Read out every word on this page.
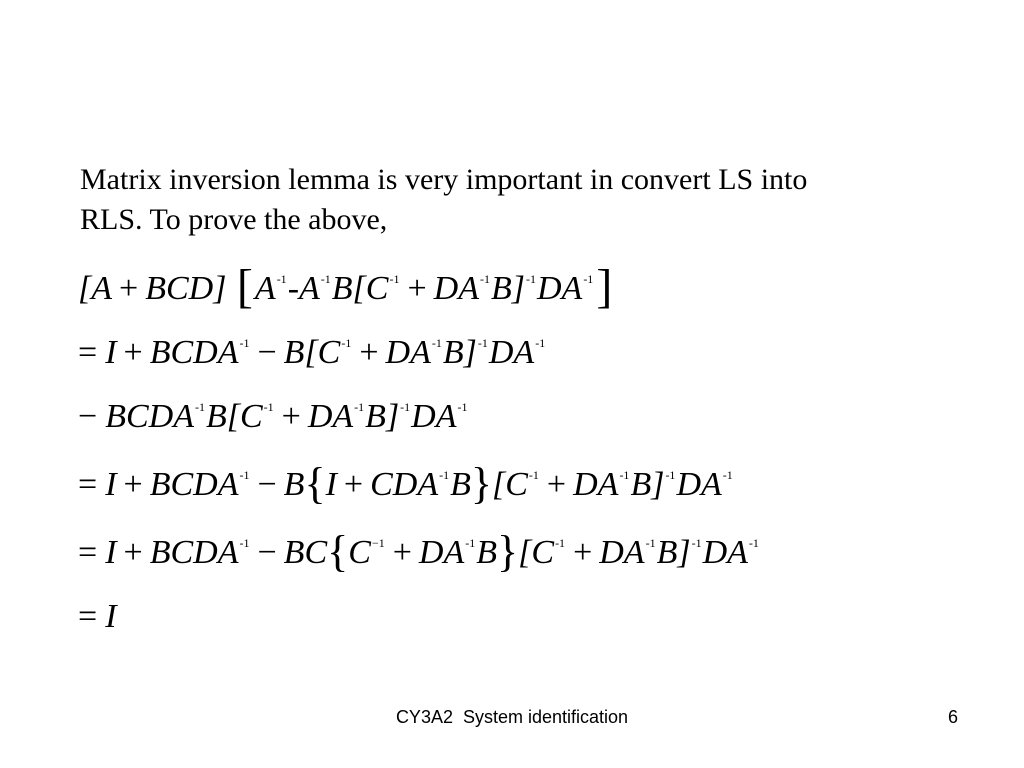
Matrix inversion lemma is very important in convert LS into
RLS. To prove the above,
[A + BCD] $[A^{-1}-A^{-1}B[C^{-1} + DA^{-1}B]^{-1}DA^{-1}]$
= $I + BCDA^{-1} - B[C^{-1} + DA^{-1}B]^{-1}DA^{-1}$
− $BCDA^{-1}B[C^{-1} + DA^{-1}B]^{-1}DA^{-1}$
= $I + BCDA^{-1} - B\{I + CDA^{-1}B\}[C^{-1} + DA^{-1}B]^{-1}DA^{-1}$
= $I + BCDA^{-1} - BC\{C^{-1} + DA^{-1}B\}[C^{-1} + DA^{-1}B]^{-1}DA^{-1}$
= I
CY3A2  System identification	6
